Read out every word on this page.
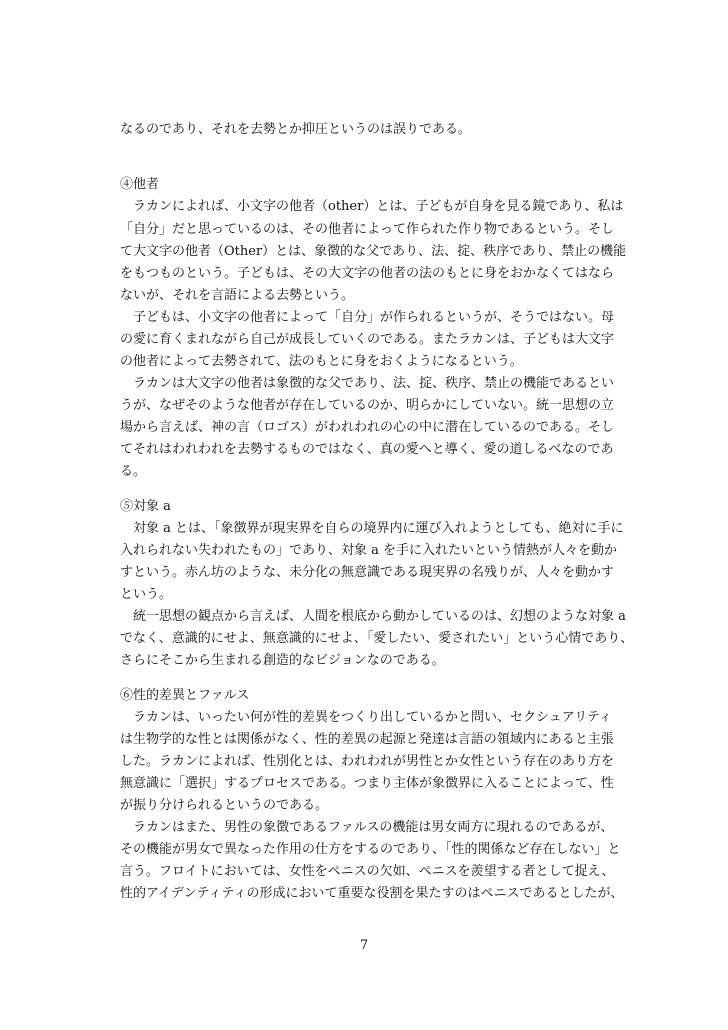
なるのであり、それを去勢とか抑圧というのは誤りである。
④他者
　ラカンによれば、小文字の他者（other）とは、子どもが自身を見る鏡であり、私は
「自分」だと思っているのは、その他者によって作られた作り物であるという。そし
て大文字の他者（Other）とは、象徴的な父であり、法、掟、秩序であり、禁止の機能
をもつものという。子どもは、その大文字の他者の法のもとに身をおかなくてはなら
ないが、それを言語による去勢という。
　子どもは、小文字の他者によって「自分」が作られるというが、そうではない。母
の愛に育くまれながら自己が成長していくのである。またラカンは、子どもは大文字
の他者によって去勢されて、法のもとに身をおくようになるという。
　ラカンは大文字の他者は象徴的な父であり、法、掟、秩序、禁止の機能であるとい
うが、なぜそのような他者が存在しているのか、明らかにしていない。統一思想の立
場から言えば、神の言（ロゴス）がわれわれの心の中に潜在しているのである。そし
てそれはわれわれを去勢するものではなく、真の愛へと導く、愛の道しるべなのであ
る。
⑤対象 a
　対象 a とは、「象徴界が現実界を自らの境界内に運び入れようとしても、絶対に手に
入れられない失われたもの」であり、対象 a を手に入れたいという情熱が人々を動か
すという。赤ん坊のような、未分化の無意識である現実界の名残りが、人々を動かす
という。
　統一思想の観点から言えば、人間を根底から動かしているのは、幻想のような対象 a
でなく、意識的にせよ、無意識的にせよ、「愛したい、愛されたい」という心情であり、
さらにそこから生まれる創造的なビジョンなのである。
⑥性的差異とファルス
　ラカンは、いったい何が性的差異をつくり出しているかと問い、セクシュアリティ
は生物学的な性とは関係がなく、性的差異の起源と発達は言語の領域内にあると主張
した。ラカンによれば、性別化とは、われわれが男性とか女性という存在のあり方を
無意識に「選択」するプロセスである。つまり主体が象徴界に入ることによって、性
が振り分けられるというのである。
　ラカンはまた、男性の象徴であるファルスの機能は男女両方に現れるのであるが、
その機能が男女で異なった作用の仕方をするのであり、「性的関係など存在しない」と
言う。フロイトにおいては、女性をペニスの欠如、ペニスを羨望する者として捉え、
性的アイデンティティの形成において重要な役割を果たすのはペニスであるとしたが、
7
